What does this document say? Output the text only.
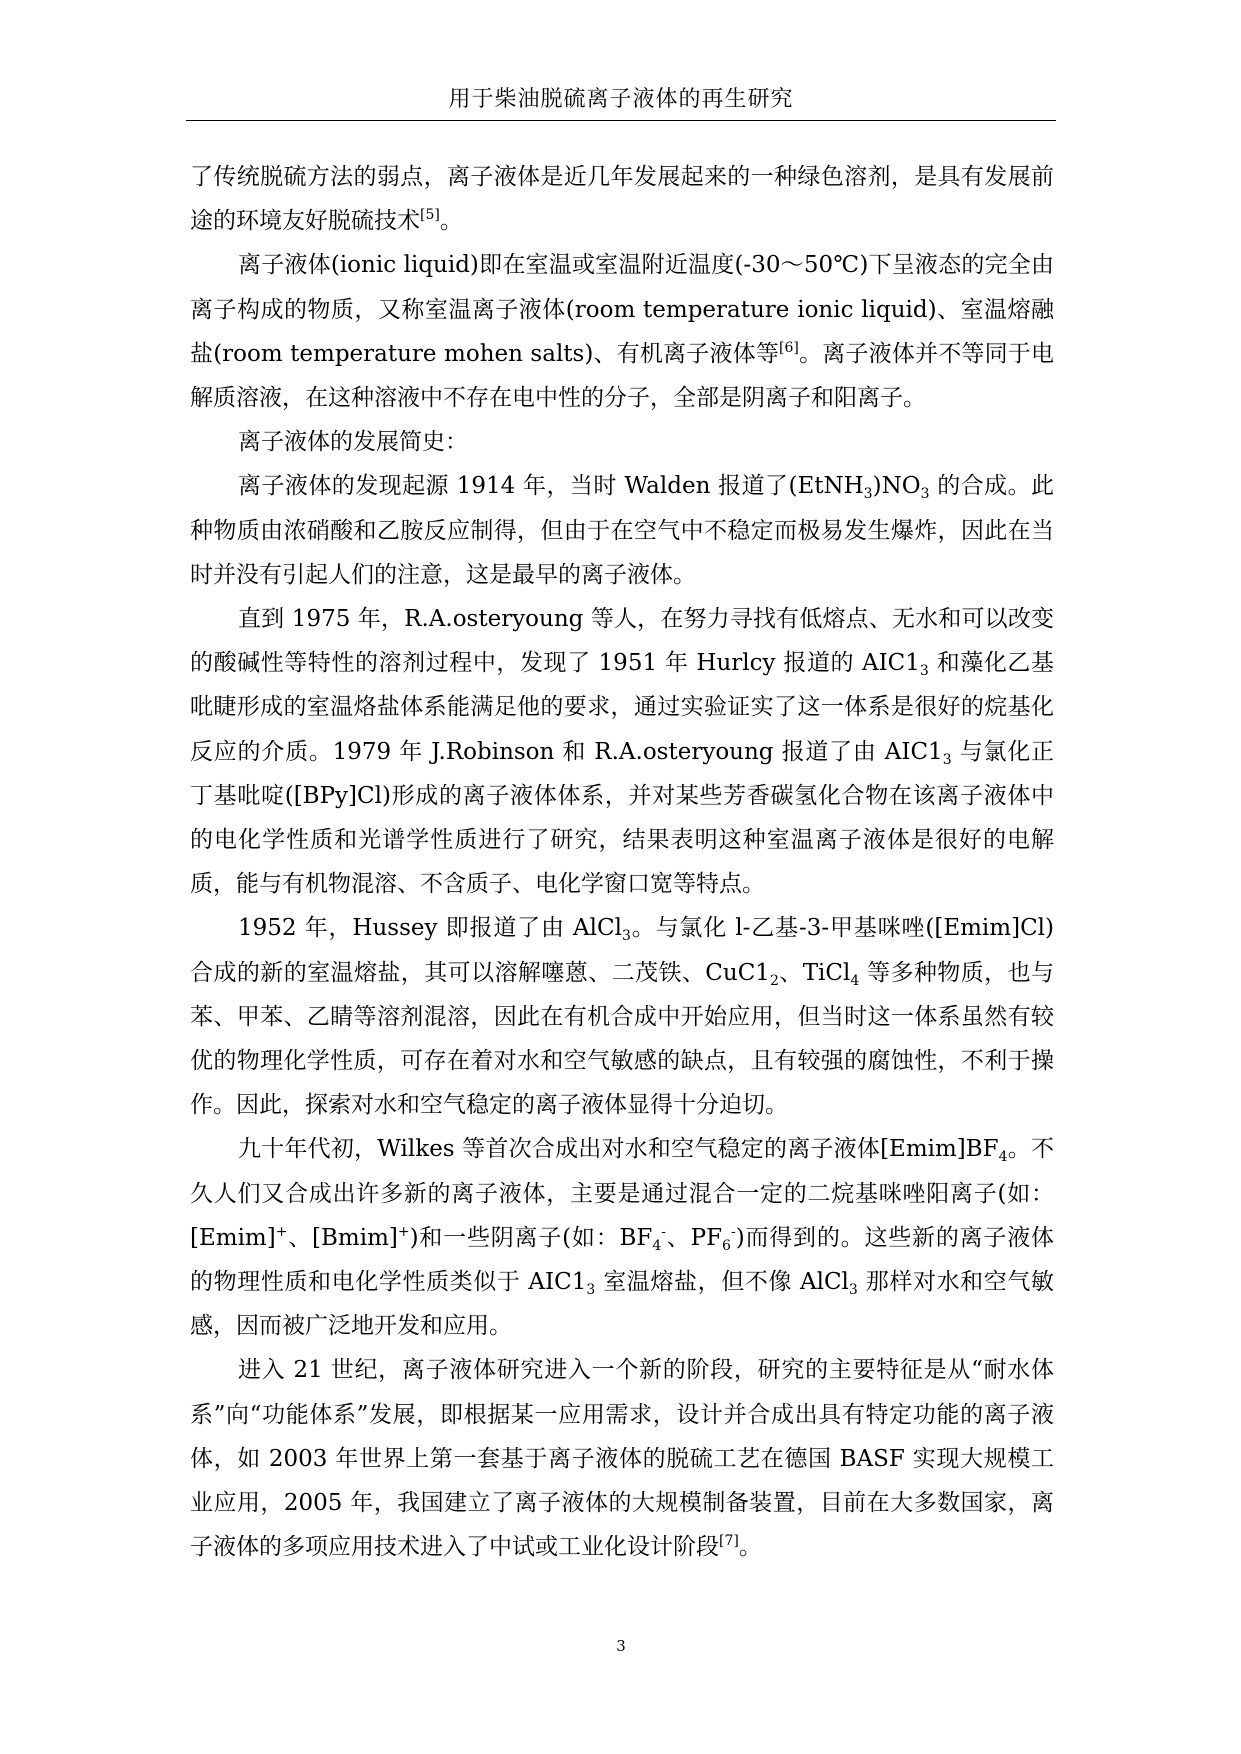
用于柴油脱硫离子液体的再生研究

了传统脱硫方法的弱点，离子液体是近几年发展起来的一种绿色溶剂，是具有发展前途的环境友好脱硫技术[5]。

离子液体(ionic liquid)即在室温或室温附近温度(-30～50℃)下呈液态的完全由离子构成的物质，又称室温离子液体(room temperature ionic liquid)、室温熔融盐(room temperature mohen salts)、有机离子液体等[6]。离子液体并不等同于电解质溶液，在这种溶液中不存在电中性的分子，全部是阴离子和阳离子。

离子液体的发展简史：

离子液体的发现起源 1914 年，当时 Walden 报道了$(EtNH_3)NO_3$ 的合成。此种物质由浓硝酸和乙胺反应制得，但由于在空气中不稳定而极易发生爆炸，因此在当时并没有引起人们的注意，这是最早的离子液体。

直到 1975 年，R.A.osteryoung 等人，在努力寻找有低熔点、无水和可以改变的酸碱性等特性的溶剂过程中，发现了 1951 年 Hurlcy 报道的 $AIC1_3$ 和藻化乙基吡睫形成的室温烙盐体系能满足他的要求，通过实验证实了这一体系是很好的烷基化反应的介质。1979 年 J.Robinson 和 R.A.osteryoung 报道了由 $AIC1_3$ 与氯化正丁基吡啶([BPy]Cl)形成的离子液体体系，并对某些芳香碳氢化合物在该离子液体中的电化学性质和光谱学性质进行了研究，结果表明这种室温离子液体是很好的电解质，能与有机物混溶、不含质子、电化学窗口宽等特点。

1952 年，Hussey 即报道了由 AlCl$_3$。与氯化 l-乙基-3-甲基咪唑([Emim]Cl)合成的新的室温熔盐，其可以溶解噻蒽、二茂铁、$CuC1_2$、TiCl$_4$ 等多种物质，也与苯、甲苯、乙睛等溶剂混溶，因此在有机合成中开始应用，但当时这一体系虽然有较优的物理化学性质，可存在着对水和空气敏感的缺点，且有较强的腐蚀性，不利于操作。因此，探索对水和空气稳定的离子液体显得十分迫切。

九十年代初，Wilkes 等首次合成出对水和空气稳定的离子液体$[Emim]BF_4$。不久人们又合成出许多新的离子液体，主要是通过混合一定的二烷基咪唑阳离子(如：[Emim]+、[Bmim]+)和一些阴离子(如：$BF_4^-$、$PF_6^-$)而得到的。这些新的离子液体的物理性质和电化学性质类似于 $AIC1_3$ 室温熔盐，但不像 AlCl$_3$ 那样对水和空气敏感，因而被广泛地开发和应用。

进入 21 世纪，离子液体研究进入一个新的阶段，研究的主要特征是从“耐水体系”向“功能体系”发展，即根据某一应用需求，设计并合成出具有特定功能的离子液体，如 2003 年世界上第一套基于离子液体的脱硫工艺在德国 BASF 实现大规模工业应用，2005 年，我国建立了离子液体的大规模制备装置，目前在大多数国家，离子液体的多项应用技术进入了中试或工业化设计阶段[7]。

3
